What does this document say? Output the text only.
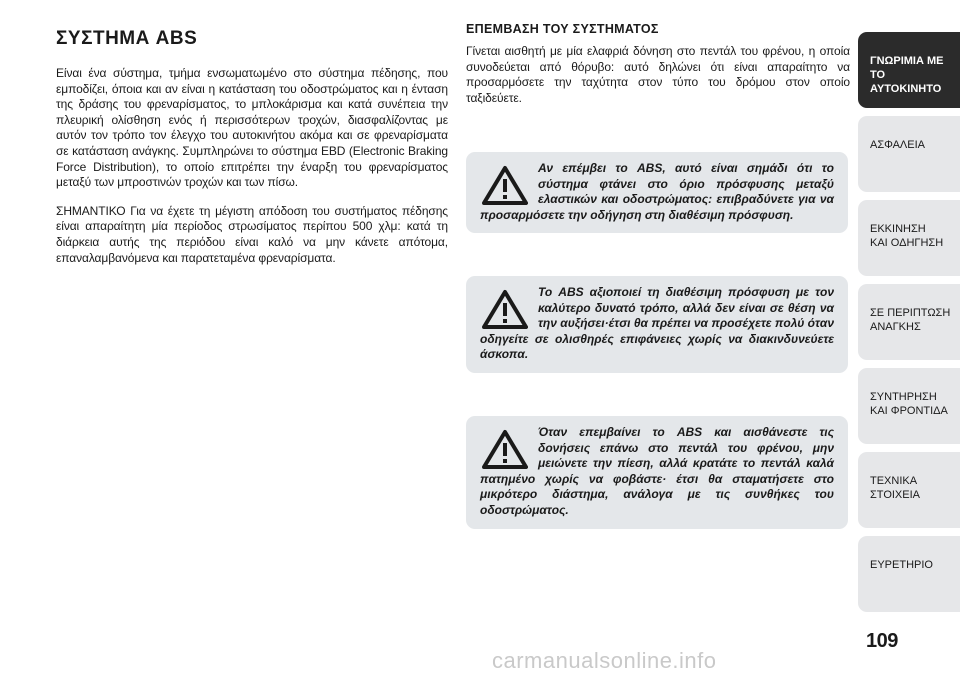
ΣΥΣΤΗΜΑ ABS

Είναι ένα σύστημα, τμήμα ενσωματωμένο στο σύστημα πέδησης, που εμποδίζει, όποια και αν είναι η κατάσταση του οδοστρώματος και η ένταση της δράσης του φρεναρίσματος, το μπλοκάρισμα και κατά συνέπεια την πλευρική ολίσθηση ενός ή περισσότερων τροχών, διασφαλίζοντας με αυτόν τον τρόπο τον έλεγχο του αυτοκινήτου ακόμα και σε φρεναρίσματα σε κατάσταση ανάγκης. Συμπληρώνει το σύστημα EBD (Electronic Braking Force Distribution), το οποίο επιτρέπει την έναρξη του φρεναρίσματος μεταξύ των μπροστινών τροχών και των πίσω.

ΣΗΜΑΝΤΙΚΟ Για να έχετε τη μέγιστη απόδοση του συστήματος πέδησης είναι απαραίτητη μία περίοδος στρωσίματος περίπου 500 χλμ: κατά τη διάρκεια αυτής της περιόδου είναι καλό να μην κάνετε απότομα, επαναλαμβανόμενα και παρατεταμένα φρεναρίσματα.

ΕΠΕΜΒΑΣΗ ΤΟΥ ΣΥΣΤΗΜΑΤΟΣ

Γίνεται αισθητή με μία ελαφριά δόνηση στο πεντάλ του φρένου, η οποία συνοδεύεται από θόρυβο: αυτό δηλώνει ότι είναι απαραίτητο να προσαρμόσετε την ταχύτητα στον τύπο του δρόμου στον οποίο ταξιδεύετε.

Αν επέμβει το ABS, αυτό είναι σημάδι ότι το σύστημα φτάνει στο όριο πρόσφυσης μεταξύ ελαστικών και οδοστρώματος: επιβραδύνετε για να προσαρμόσετε την οδήγηση στη διαθέσιμη πρόσφυση.

Το ABS αξιοποιεί τη διαθέσιμη πρόσφυση με τον καλύτερο δυνατό τρόπο, αλλά δεν είναι σε θέση να την αυξήσει·έτσι θα πρέπει να προσέχετε πολύ όταν οδηγείτε σε ολισθηρές επιφάνειες χωρίς να διακινδυνεύετε άσκοπα.

Όταν επεμβαίνει το ABS και αισθάνεστε τις δονήσεις επάνω στο πεντάλ του φρένου, μην μειώνετε την πίεση, αλλά κρατάτε το πεντάλ καλά πατημένο χωρίς να φοβάστε· έτσι θα σταματήσετε στο μικρότερο διάστημα, ανάλογα με τις συνθήκες του οδοστρώματος.

ΓΝΩΡΙΜΙΑ ΜΕ ΤΟ
ΑΥΤΟΚΙΝΗΤΟ
ΑΣΦΑΛΕΙΑ
ΕΚΚΙΝΗΣΗ
ΚΑΙ ΟΔΗΓΗΣΗ
ΣΕ ΠΕΡΙΠΤΩΣΗ
ΑΝΑΓΚΗΣ
ΣΥΝΤΗΡΗΣΗ
ΚΑΙ ΦΡΟΝΤΙΔΑ
ΤΕΧΝΙΚΑ
ΣΤΟΙΧΕΙΑ
ΕΥΡΕΤΗΡΙΟ
109
carmanualsonline.info
